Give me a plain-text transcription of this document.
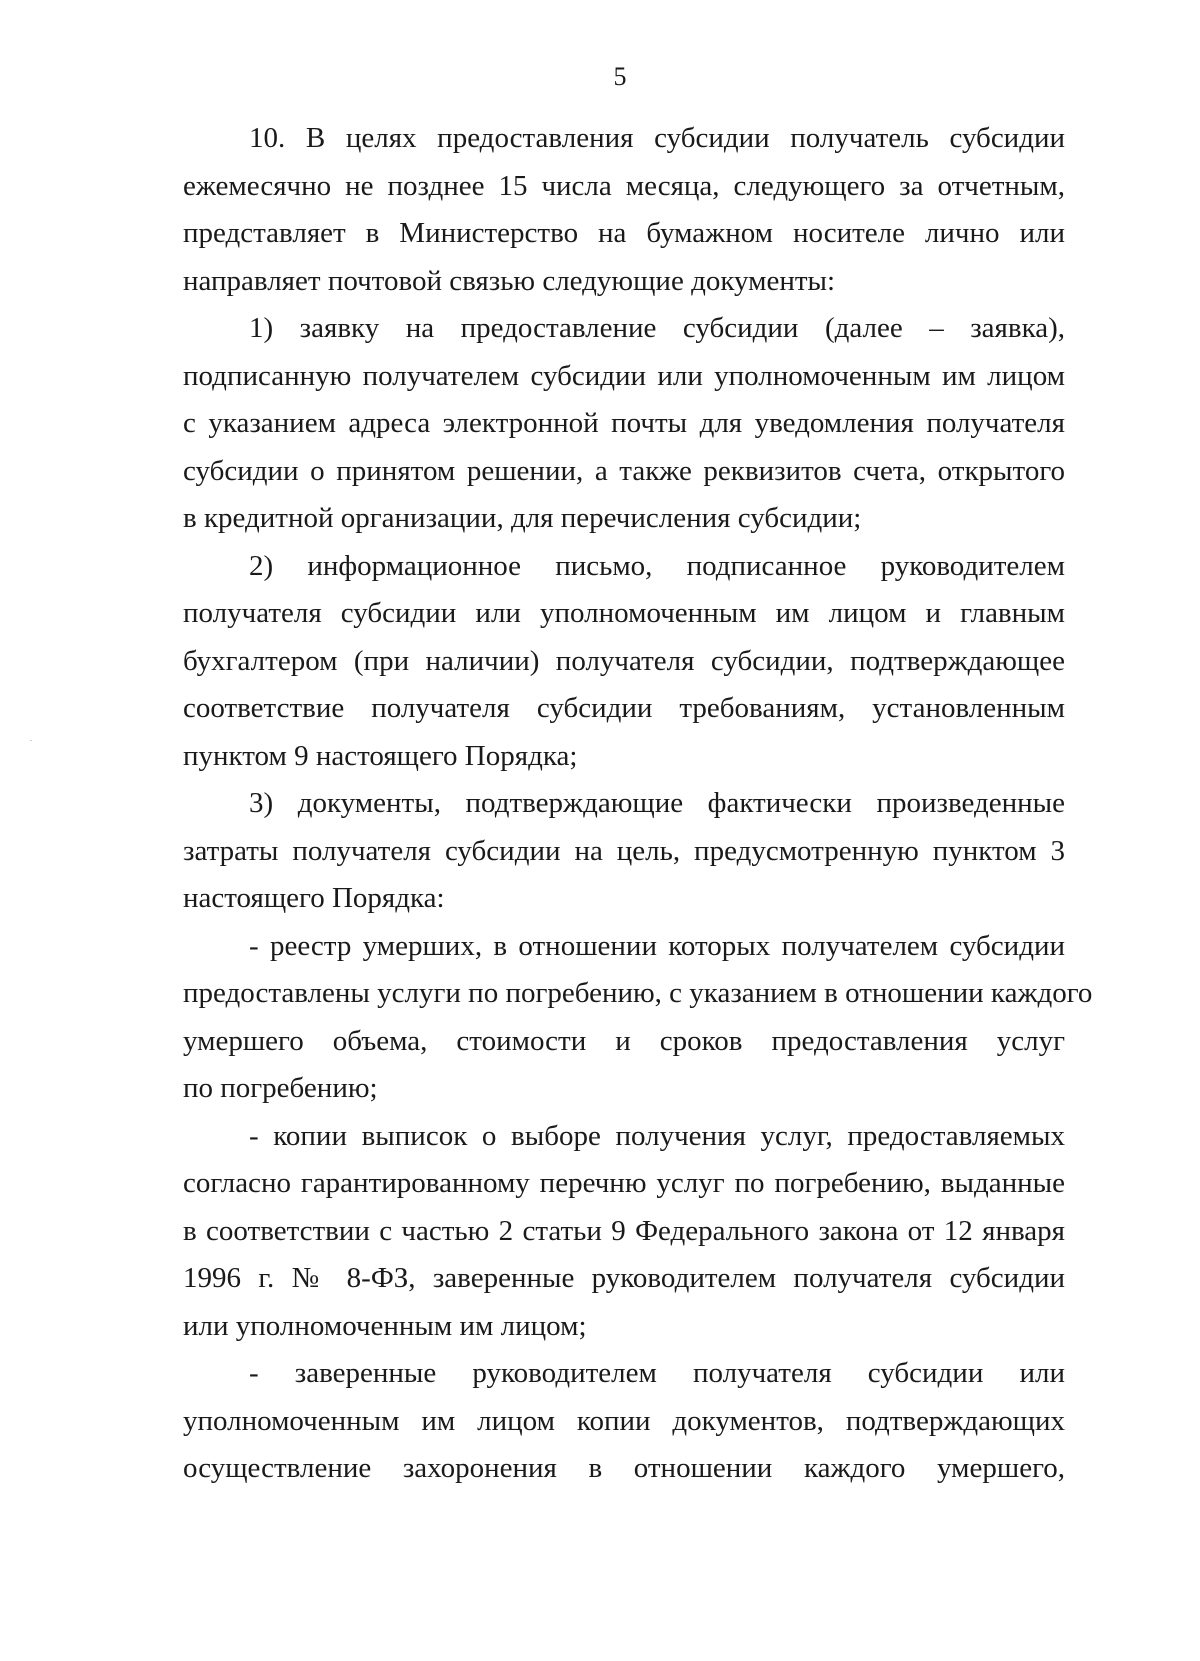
5
10. В целях предоставления субсидии получатель субсидии
ежемесячно не позднее 15 числа месяца, следующего за отчетным,
представляет в Министерство на бумажном носителе лично или
направляет почтовой связью следующие документы:
1) заявку на предоставление субсидии (далее – заявка),
подписанную получателем субсидии или уполномоченным им лицом
с указанием адреса электронной почты для уведомления получателя
субсидии о принятом решении, а также реквизитов счета, открытого
в кредитной организации, для перечисления субсидии;
2) информационное письмо, подписанное руководителем
получателя субсидии или уполномоченным им лицом и главным
бухгалтером (при наличии) получателя субсидии, подтверждающее
соответствие получателя субсидии требованиям, установленным
пунктом 9 настоящего Порядка;
3) документы, подтверждающие фактически произведенные
затраты получателя субсидии на цель, предусмотренную пунктом 3
настоящего Порядка:
- реестр умерших, в отношении которых получателем субсидии
предоставлены услуги по погребению, с указанием в отношении каждого
умершего объема, стоимости и сроков предоставления услуг
по погребению;
- копии выписок о выборе получения услуг, предоставляемых
согласно гарантированному перечню услуг по погребению, выданные
в соответствии с частью 2 статьи 9 Федерального закона от 12 января
1996 г. № 8-ФЗ, заверенные руководителем получателя субсидии
или уполномоченным им лицом;
- заверенные руководителем получателя субсидии или
уполномоченным им лицом копии документов, подтверждающих
осуществление захоронения в отношении каждого умершего,
